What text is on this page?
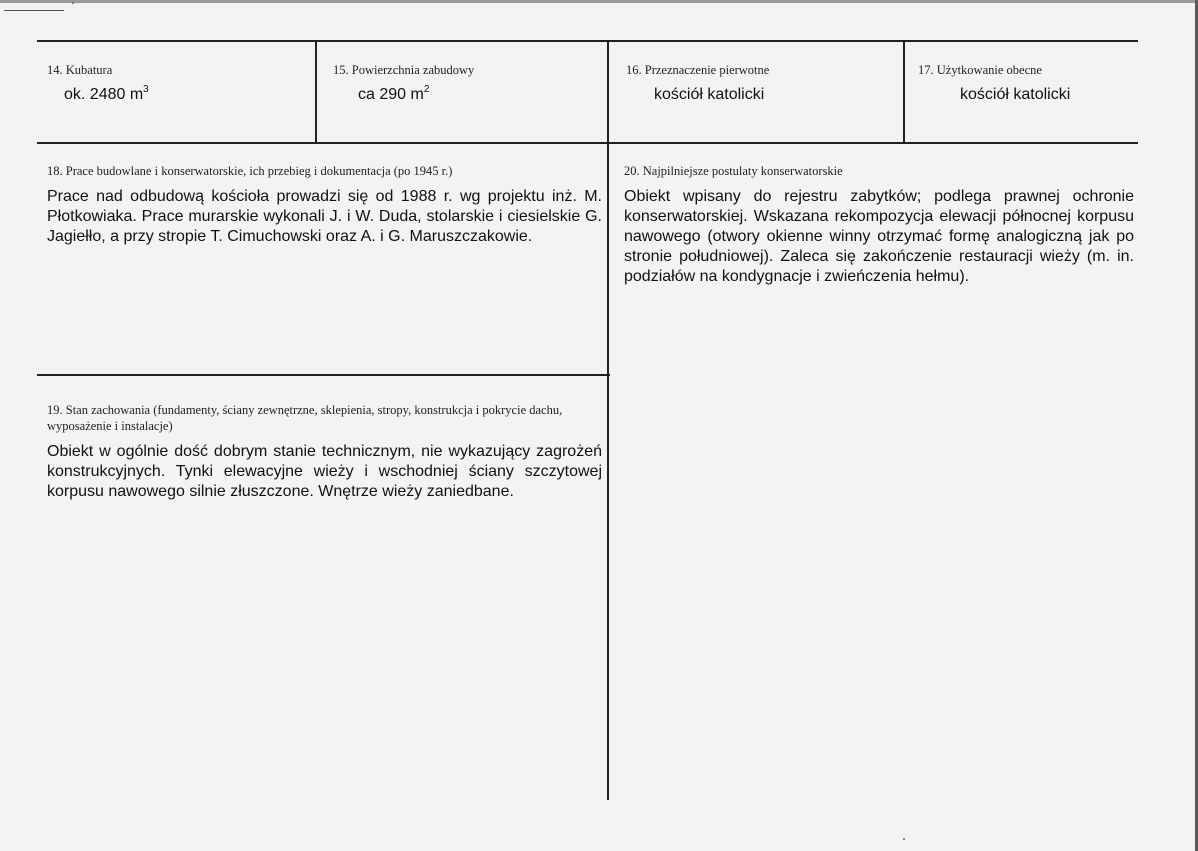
14. Kubatura
ok. 2480 $m^3$
15. Powierzchnia zabudowy
ca 290 $m^2$
16. Przeznaczenie pierwotne
kościół katolicki
17. Użytkowanie obecne
kościół katolicki
18. Prace budowlane i konserwatorskie, ich przebieg i dokumentacja (po 1945 r.)
Prace nad odbudową kościoła prowadzi się od 1988 r. wg projektu inż. M. Płotkowiaka. Prace murarskie wykonali J. i W. Duda, stolarskie i ciesielskie G. Jagiełło, a przy stropie T. Cimuchowski oraz A. i G. Maruszczakowie.
19. Stan zachowania (fundamenty, ściany zewnętrzne, sklepienia, stropy, konstrukcja i pokrycie dachu, wyposażenie i instalacje)
Obiekt w ogólnie dość dobrym stanie technicznym, nie wykazujący zagrożeń konstrukcyjnych. Tynki elewacyjne wieży i wschodniej ściany szczytowej korpusu nawowego silnie złuszczone. Wnętrze wieży zaniedbane.
20. Najpilniejsze postulaty konserwatorskie
Obiekt wpisany do rejestru zabytków; podlega prawnej ochronie konserwatorskiej. Wskazana rekompozycja elewacji północnej korpusu nawowego (otwory okienne winny otrzymać formę analogiczną jak po stronie południowej). Zaleca się zakończenie restauracji wieży (m. in. podziałów na kondygnacje i zwieńczenia hełmu).
